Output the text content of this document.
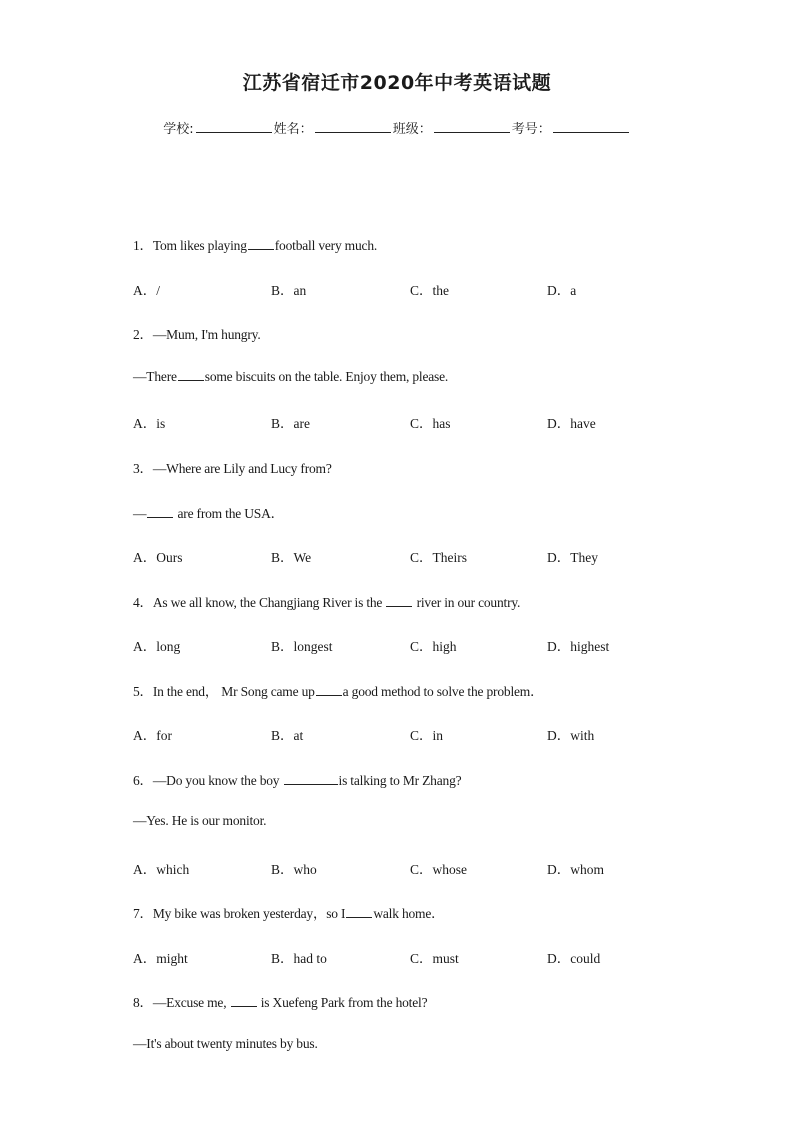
江苏省宿迁市2020年中考英语试题
学校:	姓名：	班级：	考号：
1．Tom likes playing football very much.
A．/	B．an	C．the	D．a
2．—Mum, I'm hungry.
—There some biscuits on the table. Enjoy them, please.
A．is	B．are	C．has	D．have
3．—Where are Lily and Lucy from?
— are from the USA．
A．Ours	B．We	C．Theirs	D．They
4．As we all know, the Changjiang River is the  river in our country.
A．long	B．longest	C．high	D．highest
5．In the end， Mr Song came up a good method to solve the problem．
A．for	B．at	C．in	D．with
6．—Do you know the boy	is talking to Mr Zhang?
—Yes. He is our monitor.
A．which	B．who	C．whose	D．whom
7．My bike was broken yesterday，so I walk home．
A．might	B．had to	C．must	D．could
8．—Excuse me,  is Xuefeng Park from the hotel?
—It's about twenty minutes by bus.
